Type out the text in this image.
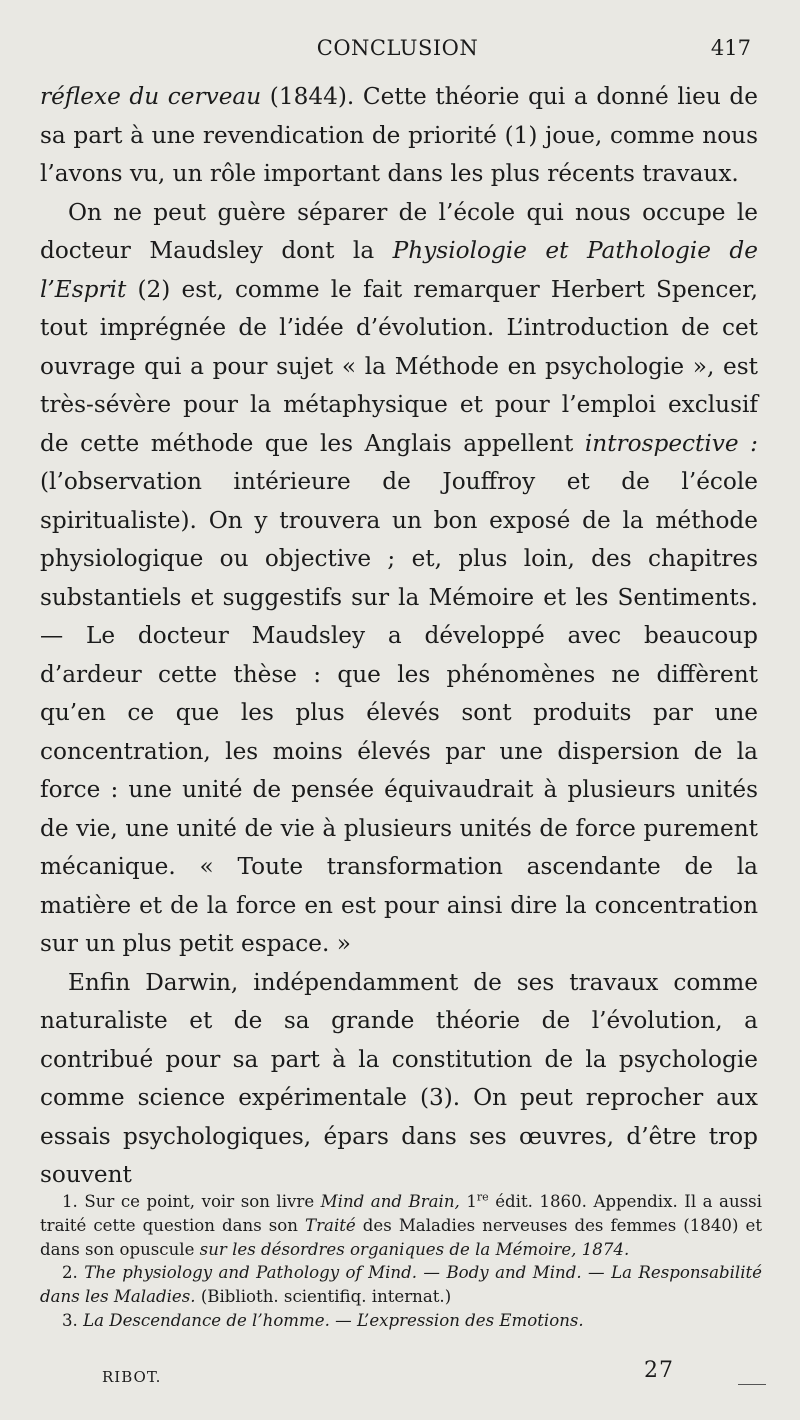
CONCLUSION	417

réflexe du cerveau (1844). Cette théorie qui a donné lieu de sa part à une revendication de priorité (1) joue, comme nous l’avons vu, un rôle important dans les plus récents travaux.

On ne peut guère séparer de l’école qui nous occupe le docteur Maudsley dont la Physiologie et Pathologie de l’Esprit (2) est, comme le fait remarquer Herbert Spencer, tout imprégnée de l’idée d’évolution. L’introduction de cet ouvrage qui a pour sujet « la Méthode en psychologie », est très-sévère pour la métaphysique et pour l’emploi exclusif de cette méthode que les Anglais appellent introspective : (l’observation intérieure de Jouffroy et de l’école spiritualiste). On y trouvera un bon exposé de la méthode physiologique ou objective ; et, plus loin, des chapitres substantiels et suggestifs sur la Mémoire et les Sentiments. — Le docteur Maudsley a développé avec beaucoup d’ardeur cette thèse : que les phénomènes ne diffèrent qu’en ce que les plus élevés sont produits par une concentration, les moins élevés par une dispersion de la force : une unité de pensée équivaudrait à plusieurs unités de vie, une unité de vie à plusieurs unités de force purement mécanique. « Toute transformation ascendante de la matière et de la force en est pour ainsi dire la concentration sur un plus petit espace. »

Enfin Darwin, indépendamment de ses travaux comme naturaliste et de sa grande théorie de l’évolution, a contribué pour sa part à la constitution de la psychologie comme science expérimentale (3). On peut reprocher aux essais psychologiques, épars dans ses œuvres, d’être trop souvent

1. Sur ce point, voir son livre Mind and Brain, 1re édit. 1860. Appendix. Il a aussi traité cette question dans son Traité des Maladies nerveuses des femmes (1840) et dans son opuscule sur les désordres organiques de la Mémoire, 1874.

2. The physiology and Pathology of Mind. — Body and Mind. — La Responsabilité dans les Maladies. (Biblioth. scientifiq. internat.)

3. La Descendance de l’homme. — L’expression des Emotions.

RIBOT.	27
